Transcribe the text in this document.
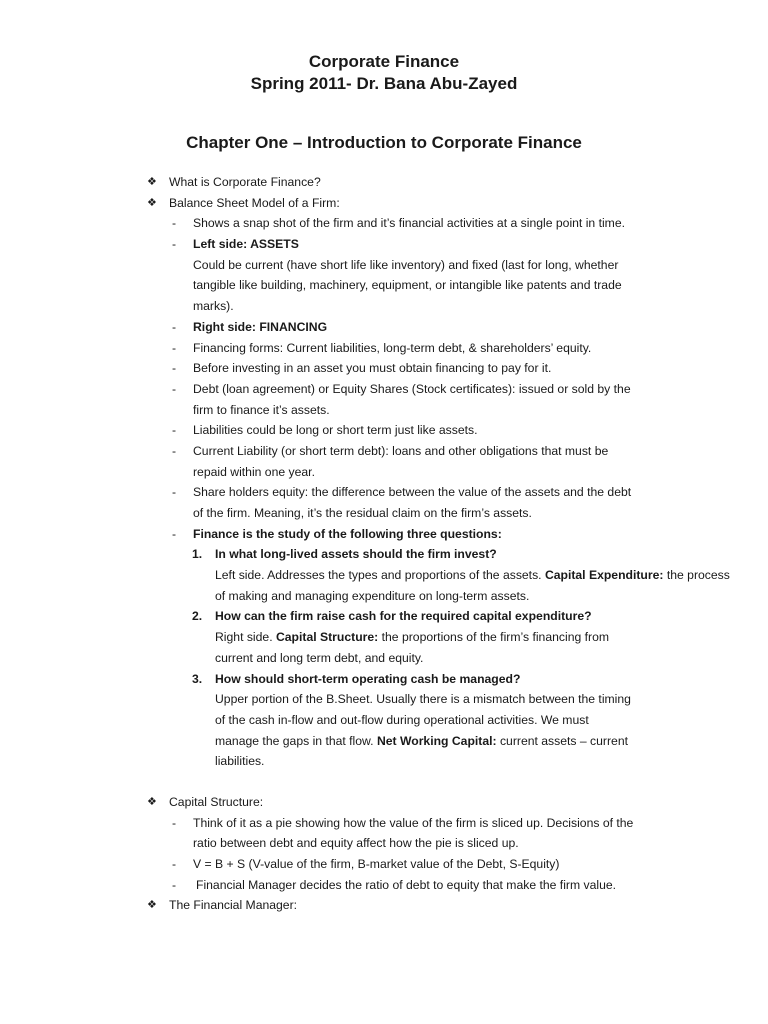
Corporate Finance
Spring 2011- Dr. Bana Abu-Zayed
Chapter One – Introduction to Corporate Finance
❖ What is Corporate Finance?
❖ Balance Sheet Model of a Firm:
- Shows a snap shot of the firm and it’s financial activities at a single point in time.
- Left side: ASSETS
Could be current (have short life like inventory) and fixed (last for long, whether
tangible like building, machinery, equipment, or intangible like patents and trade
marks).
- Right side: FINANCING
- Financing forms: Current liabilities, long-term debt, & shareholders’ equity.
- Before investing in an asset you must obtain financing to pay for it.
- Debt (loan agreement) or Equity Shares (Stock certificates): issued or sold by the
firm to finance it’s assets.
- Liabilities could be long or short term just like assets.
- Current Liability (or short term debt): loans and other obligations that must be
repaid within one year.
- Share holders equity: the difference between the value of the assets and the debt
of the firm. Meaning, it’s the residual claim on the firm’s assets.
- Finance is the study of the following three questions:
1. In what long-lived assets should the firm invest?
Left side. Addresses the types and proportions of the assets. Capital Expenditure: the process
of making and managing expenditure on long-term assets.
2. How can the firm raise cash for the required capital expenditure?
Right side. Capital Structure: the proportions of the firm’s financing from
current and long term debt, and equity.
3. How should short-term operating cash be managed?
Upper portion of the B.Sheet. Usually there is a mismatch between the timing
of the cash in-flow and out-flow during operational activities. We must
manage the gaps in that flow. Net Working Capital: current assets – current
liabilities.
❖ Capital Structure:
- Think of it as a pie showing how the value of the firm is sliced up. Decisions of the
ratio between debt and equity affect how the pie is sliced up.
- V = B + S (V-value of the firm, B-market value of the Debt, S-Equity)
- Financial Manager decides the ratio of debt to equity that make the firm value.
❖ The Financial Manager:
